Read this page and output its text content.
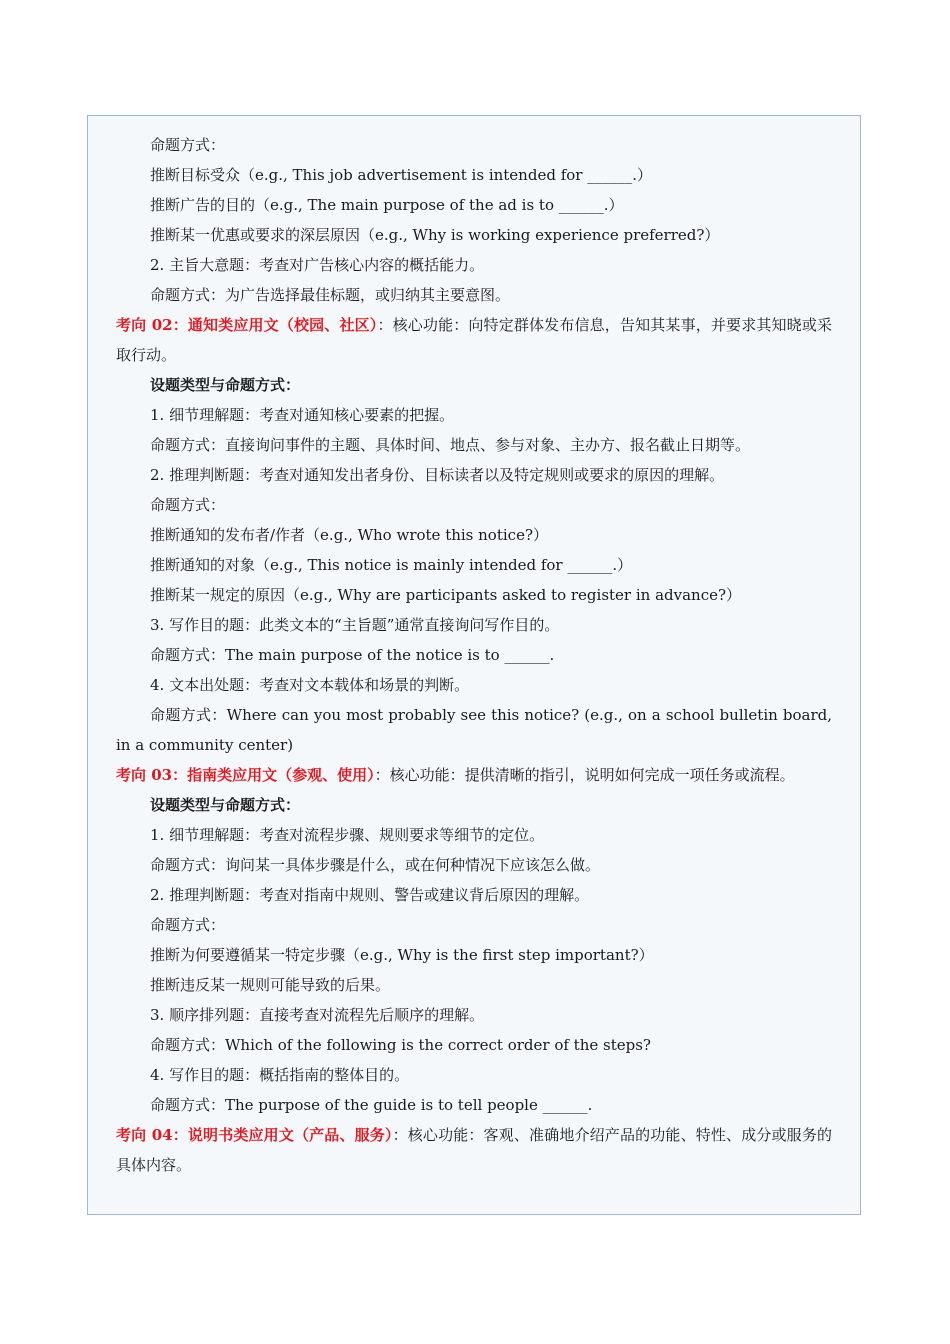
命题方式：
推断目标受众（e.g., This job advertisement is intended for ______.）
推断广告的目的（e.g., The main purpose of the ad is to ______.）
推断某一优惠或要求的深层原因（e.g., Why is working experience preferred?）
2. 主旨大意题：考查对广告核心内容的概括能力。
命题方式：为广告选择最佳标题，或归纳其主要意图。
考向 02：通知类应用文（校园、社区）：核心功能：向特定群体发布信息，告知其某事，并要求其知晓或采取行动。
设题类型与命题方式：
1. 细节理解题：考查对通知核心要素的把握。
命题方式：直接询问事件的主题、具体时间、地点、参与对象、主办方、报名截止日期等。
2. 推理判断题：考查对通知发出者身份、目标读者以及特定规则或要求的原因的理解。
命题方式：
推断通知的发布者/作者（e.g., Who wrote this notice?）
推断通知的对象（e.g., This notice is mainly intended for ______.）
推断某一规定的原因（e.g., Why are participants asked to register in advance?）
3. 写作目的题：此类文本的“主旨题”通常直接询问写作目的。
命题方式：The main purpose of the notice is to ______.
4. 文本出处题：考查对文本载体和场景的判断。
命题方式：Where can you most probably see this notice? (e.g., on a school bulletin board, in a community center)
考向 03：指南类应用文（参观、使用）：核心功能：提供清晰的指引，说明如何完成一项任务或流程。
设题类型与命题方式：
1. 细节理解题：考查对流程步骤、规则要求等细节的定位。
命题方式：询问某一具体步骤是什么，或在何种情况下应该怎么做。
2. 推理判断题：考查对指南中规则、警告或建议背后原因的理解。
命题方式：
推断为何要遵循某一特定步骤（e.g., Why is the first step important?）
推断违反某一规则可能导致的后果。
3. 顺序排列题：直接考查对流程先后顺序的理解。
命题方式：Which of the following is the correct order of the steps?
4. 写作目的题：概括指南的整体目的。
命题方式：The purpose of the guide is to tell people ______.
考向 04：说明书类应用文（产品、服务）：核心功能：客观、准确地介绍产品的功能、特性、成分或服务的具体内容。
